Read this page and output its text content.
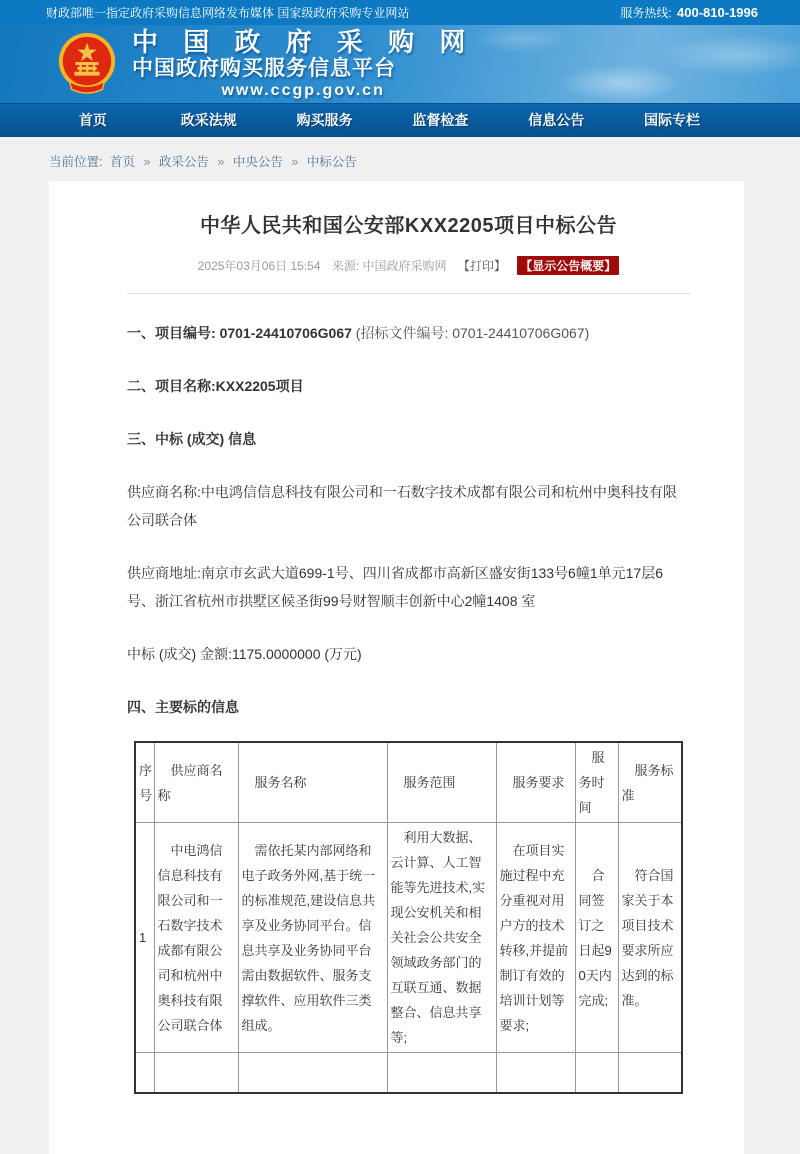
财政部唯一指定政府采购信息网络发布媒体 国家级政府采购专业网站	服务热线: 400-810-1996
中 国 政 府 采 购 网
中国政府购买服务信息平台
www.ccgp.gov.cn
首页	政采法规	购买服务	监督检查	信息公告	国际专栏
当前位置: 首页 » 政采公告 » 中央公告 » 中标公告
中华人民共和国公安部KXX2205项目中标公告
2025年03月06日 15:54 来源: 中国政府采购网 【打印】 【显示公告概要】

一、项目编号: 0701-24410706G067 (招标文件编号: 0701-24410706G067)

二、项目名称:KXX2205项目

三、中标 (成交) 信息

供应商名称:中电鸿信信息科技有限公司和一石数字技术成都有限公司和杭州中奥科技有限公司联合体

供应商地址:南京市玄武大道699-1号、四川省成都市高新区盛安街133号6幢1单元17层6号、浙江省杭州市拱墅区候圣街99号财智顺丰创新中心2幢1408 室

中标 (成交) 金额:1175.0000000 (万元)

四、主要标的信息

序号	供应商名称	服务名称	服务范围	服务要求	服务时间	服务标准
1	中电鸿信信息科技有限公司和一石数字技术成都有限公司和杭州中奥科技有限公司联合体	需依托某内部网络和电子政务外网,基于统一的标准规范,建设信息共享及业务协同平台。信息共享及业务协同平台需由数据软件、服务支撑软件、应用软件三类组成。	利用大数据、云计算、人工智能等先进技术,实现公安机关和相关社会公共安全领域政务部门的互联互通、数据整合、信息共享等;	在项目实施过程中充分重视对用户方的技术转移,并提前制订有效的培训计划等要求;	合同签订之日起90天内完成;	符合国家关于本项目技术要求所应达到的标准。
